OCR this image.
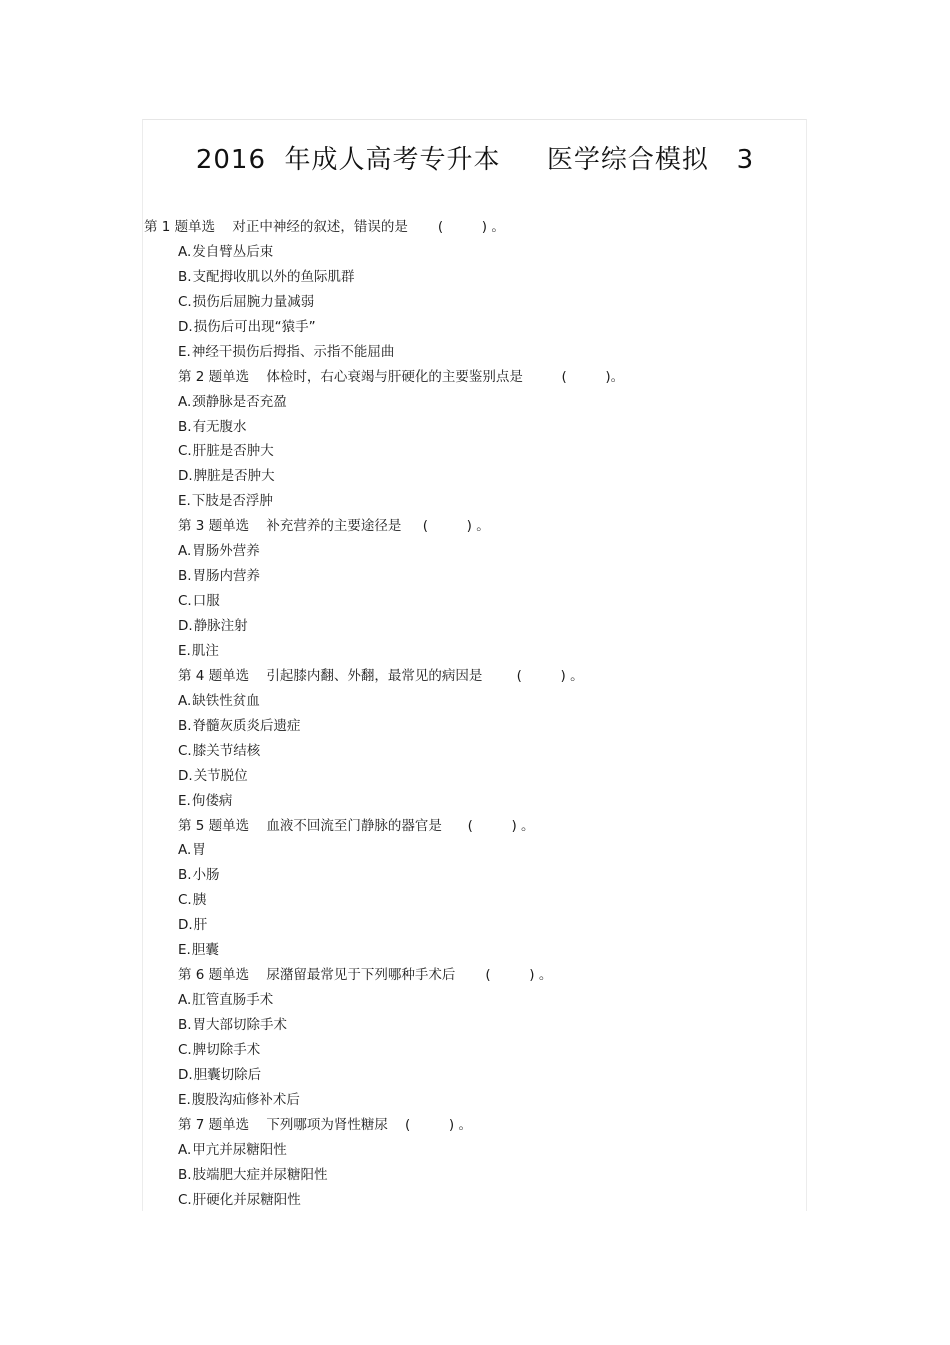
2016  年成人高考专升本     医学综合模拟   3
第 1 题单选    对正中神经的叙述，错误的是       (         ) 。
A.发自臂丛后束
B.支配拇收肌以外的鱼际肌群
C.损伤后屈腕力量减弱
D.损伤后可出现“猿手”
E.神经干损伤后拇指、示指不能屈曲
第 2 题单选    体检时，右心衰竭与肝硬化的主要鉴别点是         (         )。
A.颈静脉是否充盈
B.有无腹水
C.肝脏是否肿大
D.脾脏是否肿大
E.下肢是否浮肿
第 3 题单选    补充营养的主要途径是     (         ) 。
A.胃肠外营养
B.胃肠内营养
C.口服
D.静脉注射
E.肌注
第 4 题单选    引起膝内翻、外翻，最常见的病因是        (         ) 。
A.缺铁性贫血
B.脊髓灰质炎后遗症
C.膝关节结核
D.关节脱位
E.佝偻病
第 5 题单选    血液不回流至门静脉的器官是      (         ) 。
A.胃
B.小肠
C.胰
D.肝
E.胆囊
第 6 题单选    尿潴留最常见于下列哪种手术后       (         ) 。
A.肛管直肠手术
B.胃大部切除手术
C.脾切除手术
D.胆囊切除后
E.腹股沟疝修补术后
第 7 题单选    下列哪项为肾性糖尿    (         ) 。
A.甲亢并尿糖阳性
B.肢端肥大症并尿糖阳性
C.肝硬化并尿糖阳性
